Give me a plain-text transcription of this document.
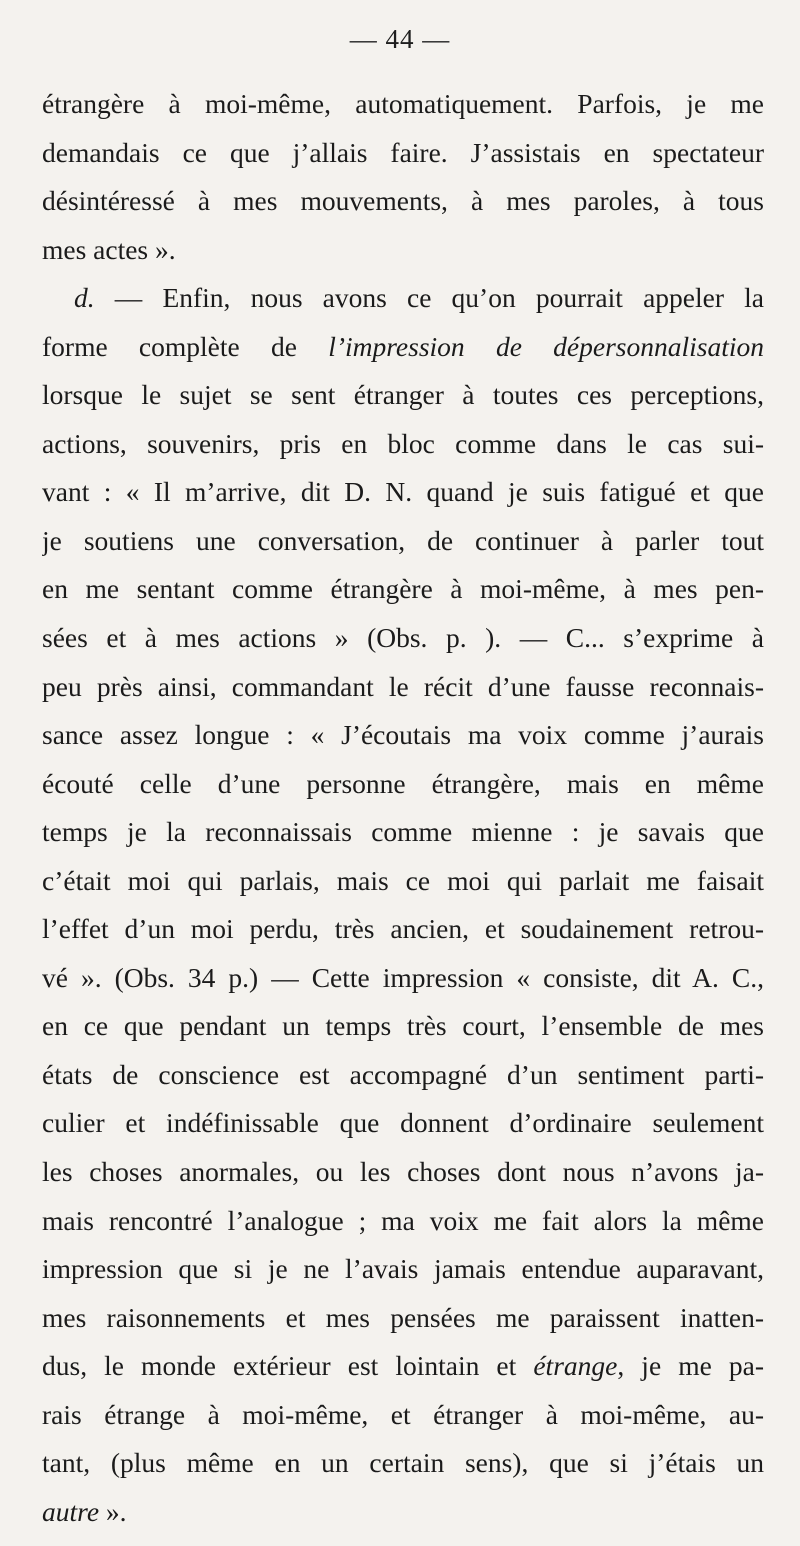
— 44 —
étrangère à moi-même, automatiquement. Parfois, je me
demandais ce que j’allais faire. J’assistais en spectateur
désintéressé à mes mouvements, à mes paroles, à tous
mes actes ».
d. — Enfin, nous avons ce qu’on pourrait appeler la
forme complète de l’impression de dépersonnalisation
lorsque le sujet se sent étranger à toutes ces perceptions,
actions, souvenirs, pris en bloc comme dans le cas sui-
vant : « Il m’arrive, dit D. N. quand je suis fatigué et que
je soutiens une conversation, de continuer à parler tout
en me sentant comme étrangère à moi-même, à mes pen-
sées et à mes actions » (Obs. p. ). — C... s’exprime à
peu près ainsi, commandant le récit d’une fausse reconnais-
sance assez longue : « J’écoutais ma voix comme j’aurais
écouté celle d’une personne étrangère, mais en même
temps je la reconnaissais comme mienne : je savais que
c’était moi qui parlais, mais ce moi qui parlait me faisait
l’effet d’un moi perdu, très ancien, et soudainement retrou-
vé ». (Obs. 34 p.) — Cette impression « consiste, dit A. C.,
en ce que pendant un temps très court, l’ensemble de mes
états de conscience est accompagné d’un sentiment parti-
culier et indéfinissable que donnent d’ordinaire seulement
les choses anormales, ou les choses dont nous n’avons ja-
mais rencontré l’analogue ; ma voix me fait alors la même
impression que si je ne l’avais jamais entendue auparavant,
mes raisonnements et mes pensées me paraissent inatten-
dus, le monde extérieur est lointain et étrange, je me pa-
rais étrange à moi-même, et étranger à moi-même, au-
tant, (plus même en un certain sens), que si j’étais un
autre ».
